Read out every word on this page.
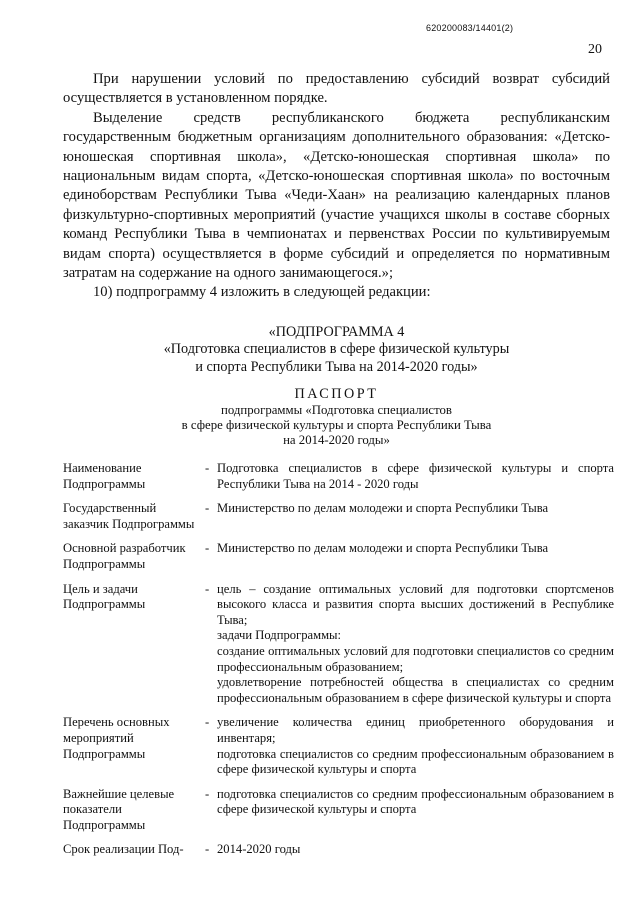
620200083/14401(2)
20

При нарушении условий по предоставлению субсидий возврат субсидий осуществляется в установленном порядке.

Выделение средств республиканского бюджета республиканским государственным бюджетным организациям дополнительного образования: «Детско-юношеская спортивная школа», «Детско-юношеская спортивная школа» по национальным видам спорта, «Детско-юношеская спортивная школа» по восточным единоборствам Республики Тыва «Чеди-Хаан» на реализацию календарных планов физкультурно-спортивных мероприятий (участие учащихся школы в составе сборных команд Республики Тыва в чемпионатах и первенствах России по культивируемым видам спорта) осуществляется в форме субсидий и определяется по нормативным затратам на содержание на одного занимающегося.»;

10) подпрограмму 4 изложить в следующей редакции:

«ПОДПРОГРАММА 4
«Подготовка специалистов в сфере физической культуры
и спорта Республики Тыва на 2014-2020 годы»
ПАСПОРТ
подпрограммы «Подготовка специалистов
в сфере физической культуры и спорта Республики Тыва
на 2014-2020 годы»
Наименование Подпрограммы	-	Подготовка специалистов в сфере физической культуры и спорта Республики Тыва на 2014 - 2020 годы

Государственный заказчик Подпрограммы	-	Министерство по делам молодежи и спорта Республики Тыва

Основной разработчик Подпрограммы	-	Министерство по делам молодежи и спорта Республики Тыва

Цель и задачи Подпрограммы	-	цель – создание оптимальных условий для подготовки спортсменов высокого класса и развития спорта высших достижений в Республике Тыва;
задачи Подпрограммы:
создание оптимальных условий для подготовки специалистов со средним профессиональным образованием;
удовлетворение потребностей общества в специалистах со средним профессиональным образованием в сфере физической культуры и спорта

Перечень основных мероприятий Подпрограммы	-	увеличение количества единиц приобретенного оборудования и инвентаря;
подготовка специалистов со средним профессиональным образованием в сфере физической культуры и спорта

Важнейшие целевые показатели Подпрограммы	-	подготовка специалистов со средним профессиональным образованием в сфере физической культуры и спорта

Срок реализации Под-	-	2014-2020 годы
